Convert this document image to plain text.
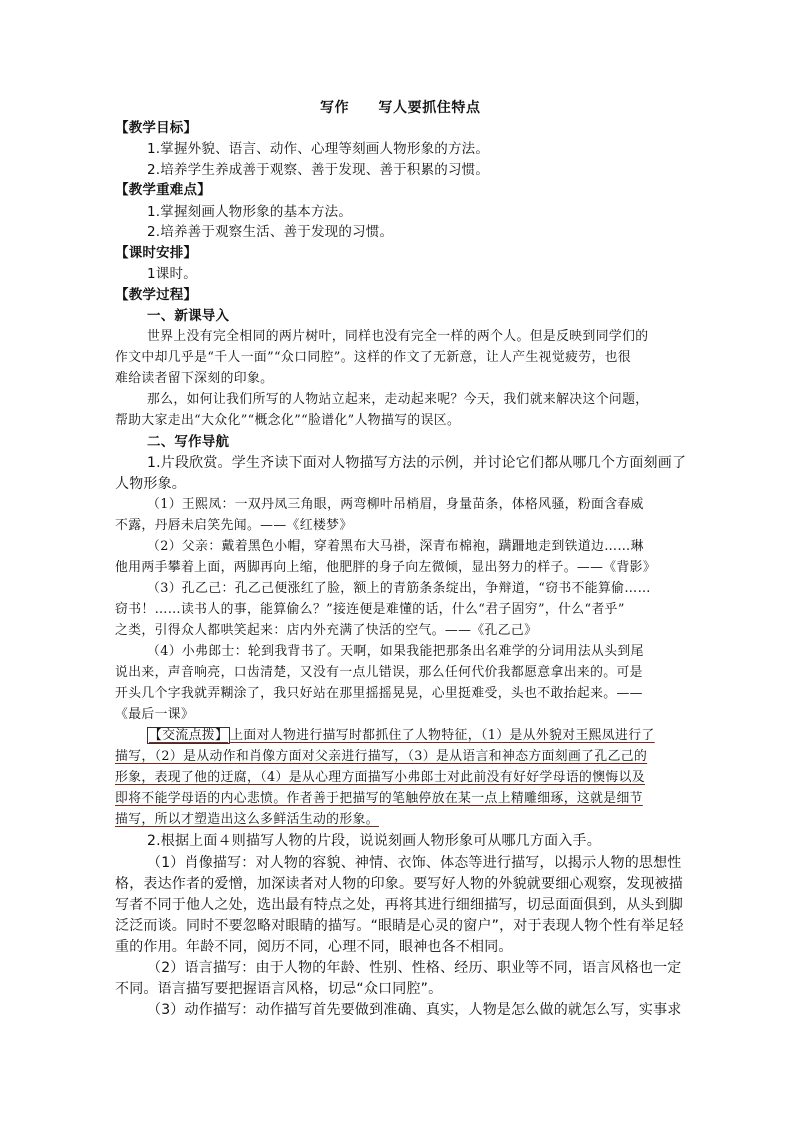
写作　　写人要抓住特点
【教学目标】
1.掌握外貌、语言、动作、心理等刻画人物形象的方法。
2.培养学生养成善于观察、善于发现、善于积累的习惯。
【教学重难点】
1.掌握刻画人物形象的基本方法。
2.培养善于观察生活、善于发现的习惯。
【课时安排】
1课时。
【教学过程】
一、新课导入
世界上没有完全相同的两片树叶，同样也没有完全一样的两个人。但是反映到同学们的
作文中却几乎是“千人一面”“众口同腔”。这样的作文了无新意，让人产生视觉疲劳，也很
难给读者留下深刻的印象。
那么，如何让我们所写的人物站立起来，走动起来呢？今天，我们就来解决这个问题，
帮助大家走出“大众化”“概念化”“脸谱化”人物描写的误区。
二、写作导航
1.片段欣赏。学生齐读下面对人物描写方法的示例，并讨论它们都从哪几个方面刻画了
人物形象。
（1）王熙凤：一双丹凤三角眼，两弯柳叶吊梢眉，身量苗条，体格风骚，粉面含春威
不露，丹唇未启笑先闻。——《红楼梦》
（2）父亲：戴着黑色小帽，穿着黑布大马褂，深青布棉袍，蹒跚地走到铁道边……琳
他用两手攀着上面，两脚再向上缩，他肥胖的身子向左微倾，显出努力的样子。——《背影》
（3）孔乙己：孔乙己便涨红了脸，额上的青筋条条绽出，争辩道，“窃书不能算偷……
窃书！……读书人的事，能算偷么？”接连便是难懂的话，什么“君子固穷”，什么“者乎”
之类，引得众人都哄笑起来：店内外充满了快活的空气。——《孔乙己》
（4）小弗郎士：轮到我背书了。天啊，如果我能把那条出名难学的分词用法从头到尾
说出来，声音响亮，口齿清楚，又没有一点儿错误，那么任何代价我都愿意拿出来的。可是
开头几个字我就弄糊涂了，我只好站在那里摇摇晃晃，心里挺难受，头也不敢抬起来。——
《最后一课》
【交流点拨】 上面对人物进行描写时都抓住了人物特征，（1）是从外貌对王熙凤进行了
描写，（2）是从动作和肖像方面对父亲进行描写，（3）是从语言和神态方面刻画了孔乙己的
形象，表现了他的迂腐，（4）是从心理方面描写小弗郎士对此前没有好好学母语的懊悔以及
即将不能学母语的内心悲愤。作者善于把描写的笔触停放在某一点上精雕细琢，这就是细节
描写，所以才塑造出这么多鲜活生动的形象。
2.根据上面４则描写人物的片段，说说刻画人物形象可从哪几方面入手。
（1）肖像描写：对人物的容貌、神情、衣饰、体态等进行描写，以揭示人物的思想性
格，表达作者的爱憎，加深读者对人物的印象。要写好人物的外貌就要细心观察，发现被描
写者不同于他人之处，选出最有特点之处，再将其进行细细描写，切忌面面俱到，从头到脚
泛泛而谈。同时不要忽略对眼睛的描写。“眼睛是心灵的窗户”，对于表现人物个性有举足轻
重的作用。年龄不同，阅历不同，心理不同，眼神也各不相同。
（2）语言描写：由于人物的年龄、性别、性格、经历、职业等不同，语言风格也一定
不同。语言描写要把握语言风格，切忌“众口同腔”。
（3）动作描写：动作描写首先要做到准确、真实，人物是怎么做的就怎么写，实事求
